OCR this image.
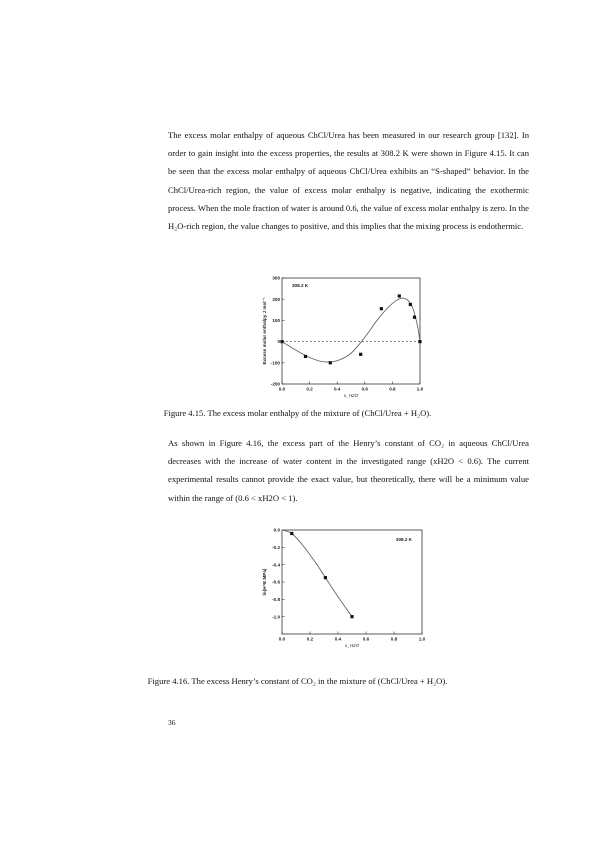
The excess molar enthalpy of aqueous ChCl/Urea has been measured in our research group [132]. In order to gain insight into the excess properties, the results at 308.2 K were shown in Figure 4.15. It can be seen that the excess molar enthalpy of aqueous ChCl/Urea exhibits an “S-shaped” behavior. In the ChCl/Urea-rich region, the value of excess molar enthalpy is negative, indicating the exothermic process. When the mole fraction of water is around 0.6, the value of excess molar enthalpy is zero. In the H₂O-rich region, the value changes to positive, and this implies that the mixing process is endothermic.

0.0	0.2	0.4	0.6	0.8	1.0
-200
-100
0
100
200
300
x_H2O
Excess molar enthalpy J mol⁻¹
308.2 K

Figure 4.15. The excess molar enthalpy of the mixture of (ChCl/Urea + H₂O).

As shown in Figure 4.16, the excess part of the Henry’s constant of CO₂ in aqueous ChCl/Urea decreases with the increase of water content in the investigated range (xH2O < 0.6). The current experimental results cannot provide the exact value, but theoretically, there will be a minimum value within the range of (0.6 < xH2O < 1).

0.0	0.2	0.4	0.6	0.8	1.0
0.0
-0.2
-0.4
-0.6
-0.8
-1.0
x_H2O
ln(H^E MPa)
308.2 K

Figure 4.16. The excess Henry’s constant of CO₂ in the mixture of (ChCl/Urea + H₂O).

36
